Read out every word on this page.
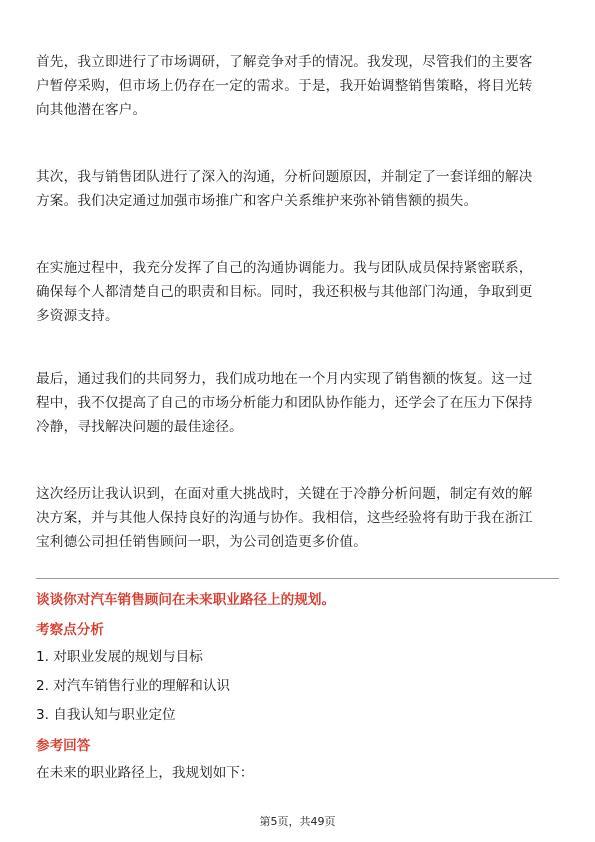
首先，我立即进行了市场调研，了解竞争对手的情况。我发现，尽管我们的主要客
户暂停采购，但市场上仍存在一定的需求。于是，我开始调整销售策略，将目光转
向其他潜在客户。

其次，我与销售团队进行了深入的沟通，分析问题原因，并制定了一套详细的解决
方案。我们决定通过加强市场推广和客户关系维护来弥补销售额的损失。

在实施过程中，我充分发挥了自己的沟通协调能力。我与团队成员保持紧密联系，
确保每个人都清楚自己的职责和目标。同时，我还积极与其他部门沟通，争取到更
多资源支持。

最后，通过我们的共同努力，我们成功地在一个月内实现了销售额的恢复。这一过
程中，我不仅提高了自己的市场分析能力和团队协作能力，还学会了在压力下保持
冷静，寻找解决问题的最佳途径。

这次经历让我认识到，在面对重大挑战时，关键在于冷静分析问题，制定有效的解
决方案，并与其他人保持良好的沟通与协作。我相信，这些经验将有助于我在浙江
宝利德公司担任销售顾问一职，为公司创造更多价值。

谈谈你对汽车销售顾问在未来职业路径上的规划。

考察点分析

1. 对职业发展的规划与目标

2. 对汽车销售行业的理解和认识

3. 自我认知与职业定位

参考回答

在未来的职业路径上，我规划如下：

第5页，共49页
